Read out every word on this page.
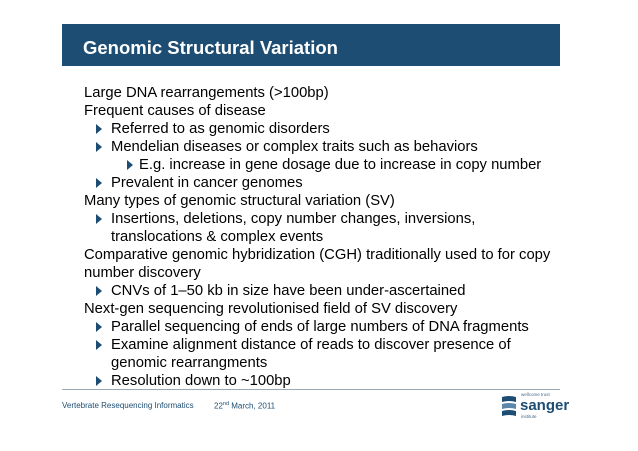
Genomic Structural Variation
Large DNA rearrangements (>100bp)
Frequent causes of disease
Referred to as genomic disorders
Mendelian diseases or complex traits such as behaviors
E.g. increase in gene dosage due to increase in copy number
Prevalent in cancer genomes
Many types of genomic structural variation (SV)
Insertions, deletions, copy number changes, inversions,
translocations & complex events
Comparative genomic hybridization (CGH) traditionally used to for copy
number discovery
CNVs of 1–50 kb in size have been under-ascertained
Next-gen sequencing revolutionised field of SV discovery
Parallel sequencing of ends of large numbers of DNA fragments
Examine alignment distance of reads to discover presence of
genomic rearrangments
Resolution down to ~100bp
Vertebrate Resequencing Informatics	22nd March, 2011
wellcome trust
sanger
institute
